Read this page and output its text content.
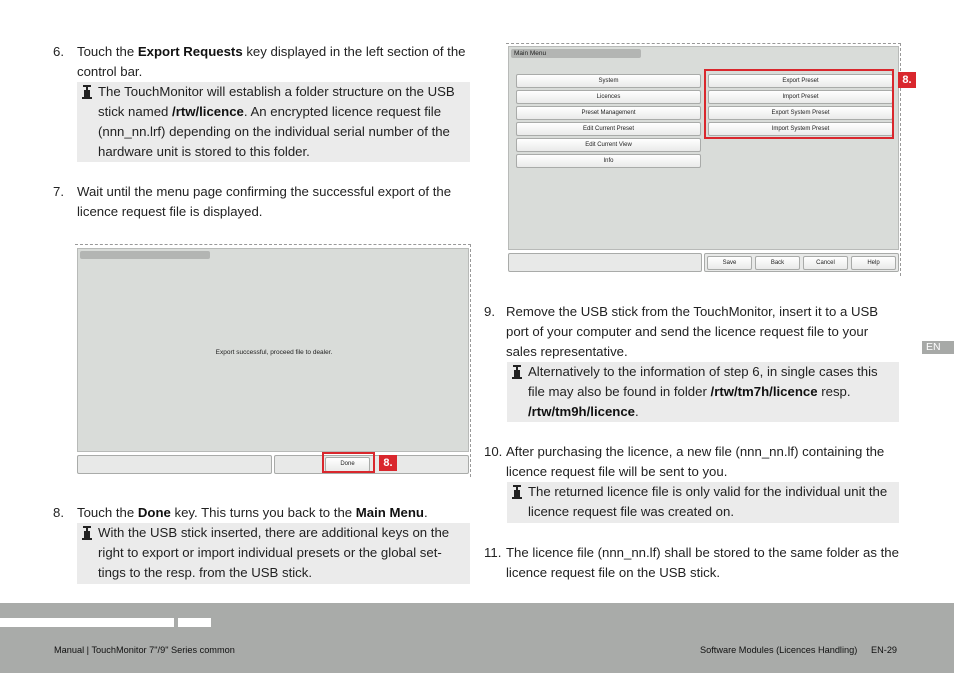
6. Touch the Export Requests key displayed in the left section of the control bar.
The TouchMonitor will establish a folder structure on the USB stick named /rtw/licence. An encrypted licence request file (nnn_nn.lrf) depending on the individual serial number of the hardware unit is stored to this folder.
7. Wait until the menu page confirming the successful export of the licence request file is displayed.
Export successful, proceed file to dealer.
Done	8.
8. Touch the Done key. This turns you back to the Main Menu.
With the USB stick inserted, there are additional keys on the right to export or import individual presets or the global set- tings to the resp. from the USB stick.
Main Menu
System
Licences
Preset Management
Edit Current Preset
Edit Current View
Info
Export Preset
Import Preset
Export System Preset
Import System Preset
Save	Back	Cancel	Help
8.
9. Remove the USB stick from the TouchMonitor, insert it to a USB port of your computer and send the licence request file to your sales representative.
Alternatively to the information of step 6, in single cases this file may also be found in folder /rtw/tm7h/licence resp. /rtw/tm9h/licence.
10. After purchasing the licence, a new file (nnn_nn.lf) containing the licence request file will be sent to you.
The returned licence file is only valid for the individual unit the licence request file was created on.
11. The licence file (nnn_nn.lf) shall be stored to the same folder as the licence request file on the USB stick.
EN
Manual | TouchMonitor 7"/9" Series common	Software Modules (Licences Handling) EN-29
